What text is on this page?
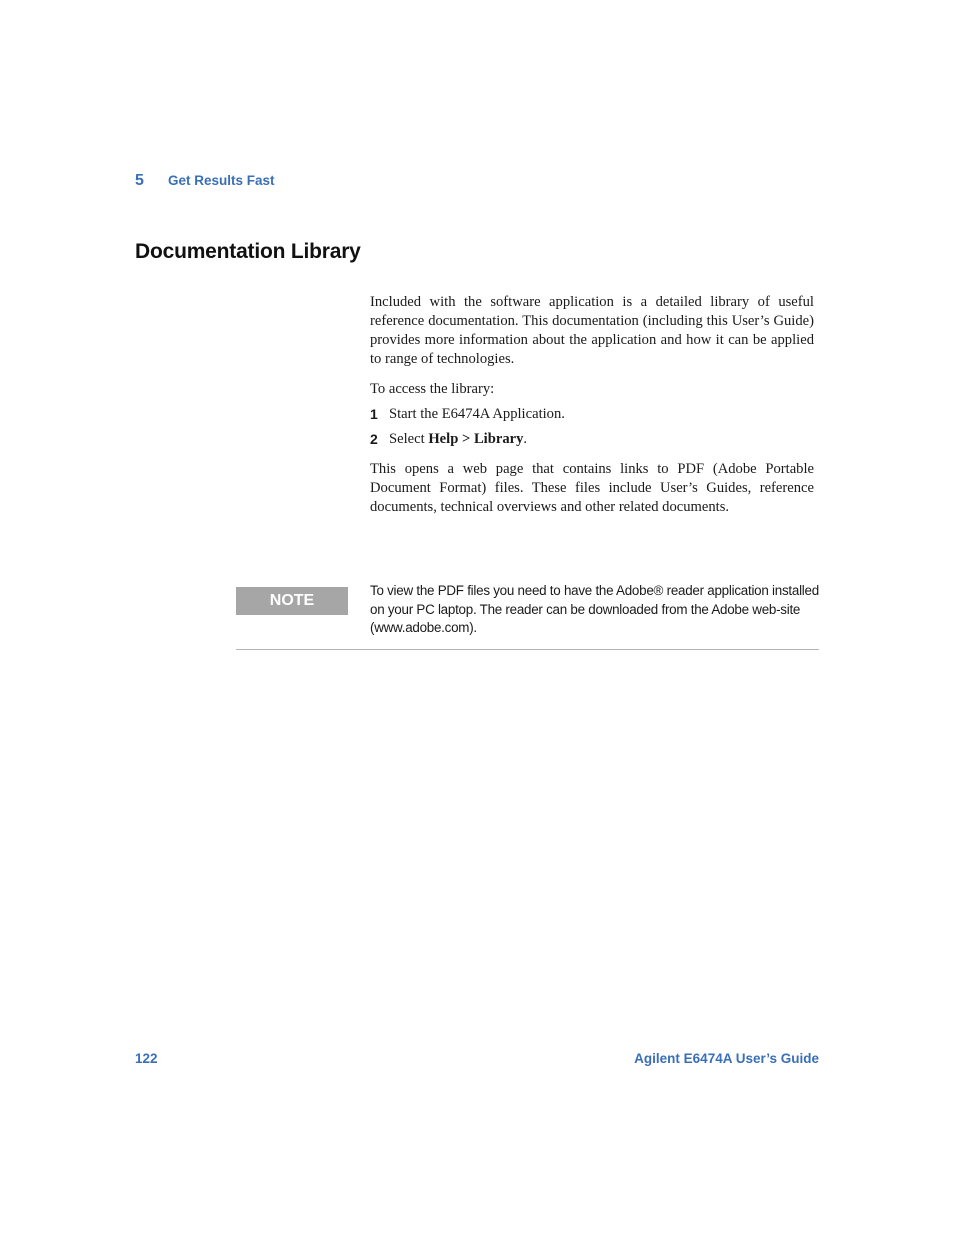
5	Get Results Fast
Documentation Library

Included with the software application is a detailed library of useful reference documentation. This documentation (including this User’s Guide) provides more information about the application and how it can be applied to range of technologies.

To access the library:

1 Start the E6474A Application.
2 Select Help > Library.

This opens a web page that contains links to PDF (Adobe Portable Document Format) files. These files include User’s Guides, reference documents, technical overviews and other related documents.

NOTE
To view the PDF files you need to have the Adobe® reader application installed on your PC laptop. The reader can be downloaded from the Adobe web-site (www.adobe.com).
122	Agilent E6474A User’s Guide
